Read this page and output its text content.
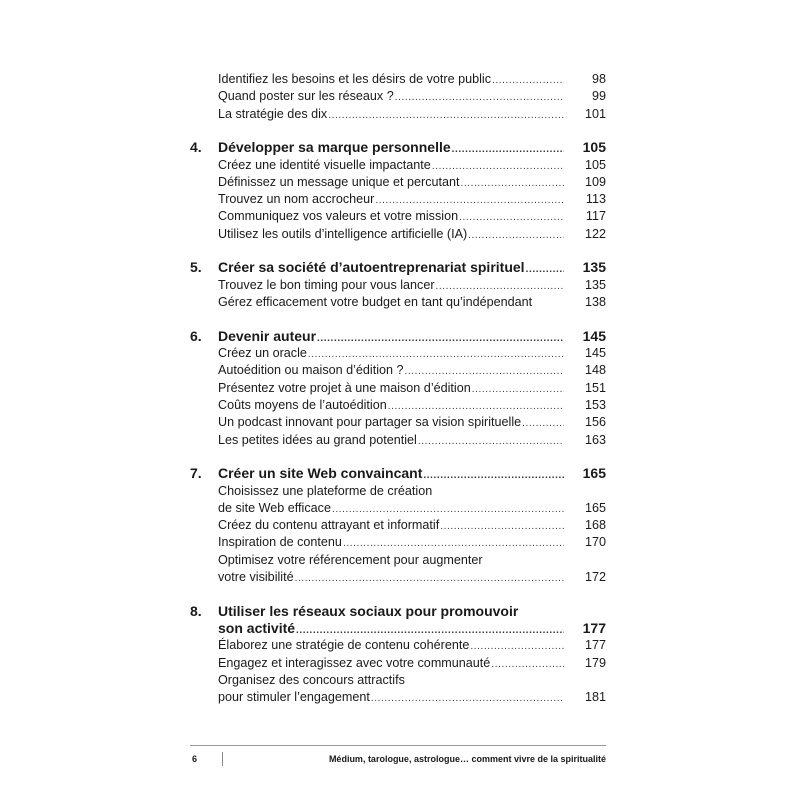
Identifiez les besoins et les désirs de votre public .....	98
Quand poster sur les réseaux ? .....	99
La stratégie des dix .....	101
4. Développer sa marque personnelle .....	105
Créez une identité visuelle impactante .....	105
Définissez un message unique et percutant .....	109
Trouvez un nom accrocheur .....	113
Communiquez vos valeurs et votre mission .....	117
Utilisez les outils d’intelligence artificielle (IA) .....	122
5. Créer sa société d’autoentreprenariat spirituel .....	135
Trouvez le bon timing pour vous lancer .....	135
Gérez efficacement votre budget en tant qu’indépendant	138
6. Devenir auteur .....	145
Créez un oracle .....	145
Autoédition ou maison d’édition ? .....	148
Présentez votre projet à une maison d’édition .....	151
Coûts moyens de l’autoédition .....	153
Un podcast innovant pour partager sa vision spirituelle .....	156
Les petites idées au grand potentiel .....	163
7. Créer un site Web convaincant .....	165
Choisissez une plateforme de création
de site Web efficace .....	165
Créez du contenu attrayant et informatif .....	168
Inspiration de contenu .....	170
Optimisez votre référencement pour augmenter
votre visibilité .....	172
8. Utiliser les réseaux sociaux pour promouvoir
son activité .....	177
Élaborez une stratégie de contenu cohérente .....	177
Engagez et interagissez avec votre communauté .....	179
Organisez des concours attractifs
pour stimuler l’engagement .....	181
6	Médium, tarologue, astrologue… comment vivre de la spiritualité
